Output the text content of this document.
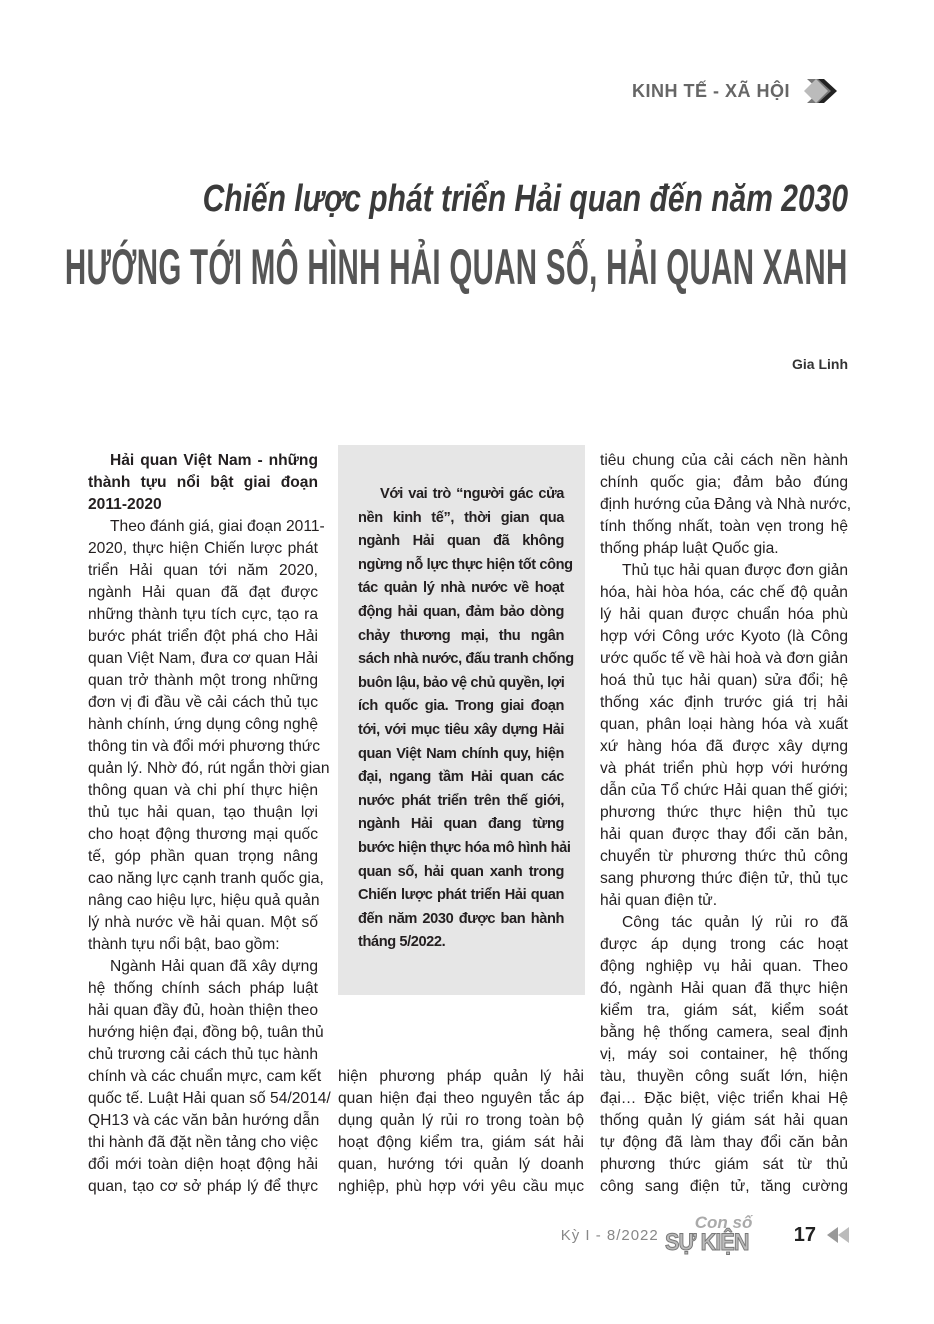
KINH TẾ - XÃ HỘI
Chiến lược phát triển Hải quan đến năm 2030
HƯỚNG TỚI MÔ HÌNH HẢI QUAN SỐ, HẢI QUAN XANH
Gia Linh
Hải quan Việt Nam - những
thành tựu nổi bật giai đoạn
2011-2020
Theo đánh giá, giai đoạn 2011-
2020, thực hiện Chiến lược phát
triển Hải quan tới năm 2020,
ngành Hải quan đã đạt được
những thành tựu tích cực, tạo ra
bước phát triển đột phá cho Hải
quan Việt Nam, đưa cơ quan Hải
quan trở thành một trong những
đơn vị đi đầu về cải cách thủ tục
hành chính, ứng dụng công nghệ
thông tin và đổi mới phương thức
quản lý. Nhờ đó, rút ngắn thời gian
thông quan và chi phí thực hiện
thủ tục hải quan, tạo thuận lợi
cho hoạt động thương mại quốc
tế, góp phần quan trọng nâng
cao năng lực cạnh tranh quốc gia,
nâng cao hiệu lực, hiệu quả quản
lý nhà nước về hải quan. Một số
thành tựu nổi bật, bao gồm:
Ngành Hải quan đã xây dựng
hệ thống chính sách pháp luật
hải quan đầy đủ, hoàn thiện theo
hướng hiện đại, đồng bộ, tuân thủ
chủ trương cải cách thủ tục hành
chính và các chuẩn mực, cam kết
quốc tế. Luật Hải quan số 54/2014/
QH13 và các văn bản hướng dẫn
thi hành đã đặt nền tảng cho việc
đổi mới toàn diện hoạt động hải
quan, tạo cơ sở pháp lý để thực
Với vai trò “người gác cửa
nền kinh tế”, thời gian qua
ngành Hải quan đã không
ngừng nỗ lực thực hiện tốt công
tác quản lý nhà nước về hoạt
động hải quan, đảm bảo dòng
chảy thương mại, thu ngân
sách nhà nước, đấu tranh chống
buôn lậu, bảo vệ chủ quyền, lợi
ích quốc gia. Trong giai đoạn
tới, với mục tiêu xây dựng Hải
quan Việt Nam chính quy, hiện
đại, ngang tầm Hải quan các
nước phát triển trên thế giới,
ngành Hải quan đang từng
bước hiện thực hóa mô hình hải
quan số, hải quan xanh trong
Chiến lược phát triển Hải quan
đến năm 2030 được ban hành
tháng 5/2022.
hiện phương pháp quản lý hải
quan hiện đại theo nguyên tắc áp
dụng quản lý rủi ro trong toàn bộ
hoạt động kiểm tra, giám sát hải
quan, hướng tới quản lý doanh
nghiệp, phù hợp với yêu cầu mục
tiêu chung của cải cách nền hành
chính quốc gia; đảm bảo đúng
định hướng của Đảng và Nhà nước,
tính thống nhất, toàn vẹn trong hệ
thống pháp luật Quốc gia.
Thủ tục hải quan được đơn giản
hóa, hài hòa hóa, các chế độ quản
lý hải quan được chuẩn hóa phù
hợp với Công ước Kyoto (là Công
ước quốc tế về hài hoà và đơn giản
hoá thủ tục hải quan) sửa đổi; hệ
thống xác định trước giá trị hải
quan, phân loại hàng hóa và xuất
xứ hàng hóa đã được xây dựng
và phát triển phù hợp với hướng
dẫn của Tổ chức Hải quan thế giới;
phương thức thực hiện thủ tục
hải quan được thay đổi căn bản,
chuyển từ phương thức thủ công
sang phương thức điện tử, thủ tục
hải quan điện tử.
Công tác quản lý rủi ro đã
được áp dụng trong các hoạt
động nghiệp vụ hải quan. Theo
đó, ngành Hải quan đã thực hiện
kiểm tra, giám sát, kiểm soát
bằng hệ thống camera, seal định
vị, máy soi container, hệ thống
tàu, thuyền công suất lớn, hiện
đại… Đặc biệt, việc triển khai Hệ
thống quản lý giám sát hải quan
tự động đã làm thay đổi căn bản
phương thức giám sát từ thủ
công sang điện tử, tăng cường
Kỳ I - 8/2022
Con số
SỰ KIỆN 17
